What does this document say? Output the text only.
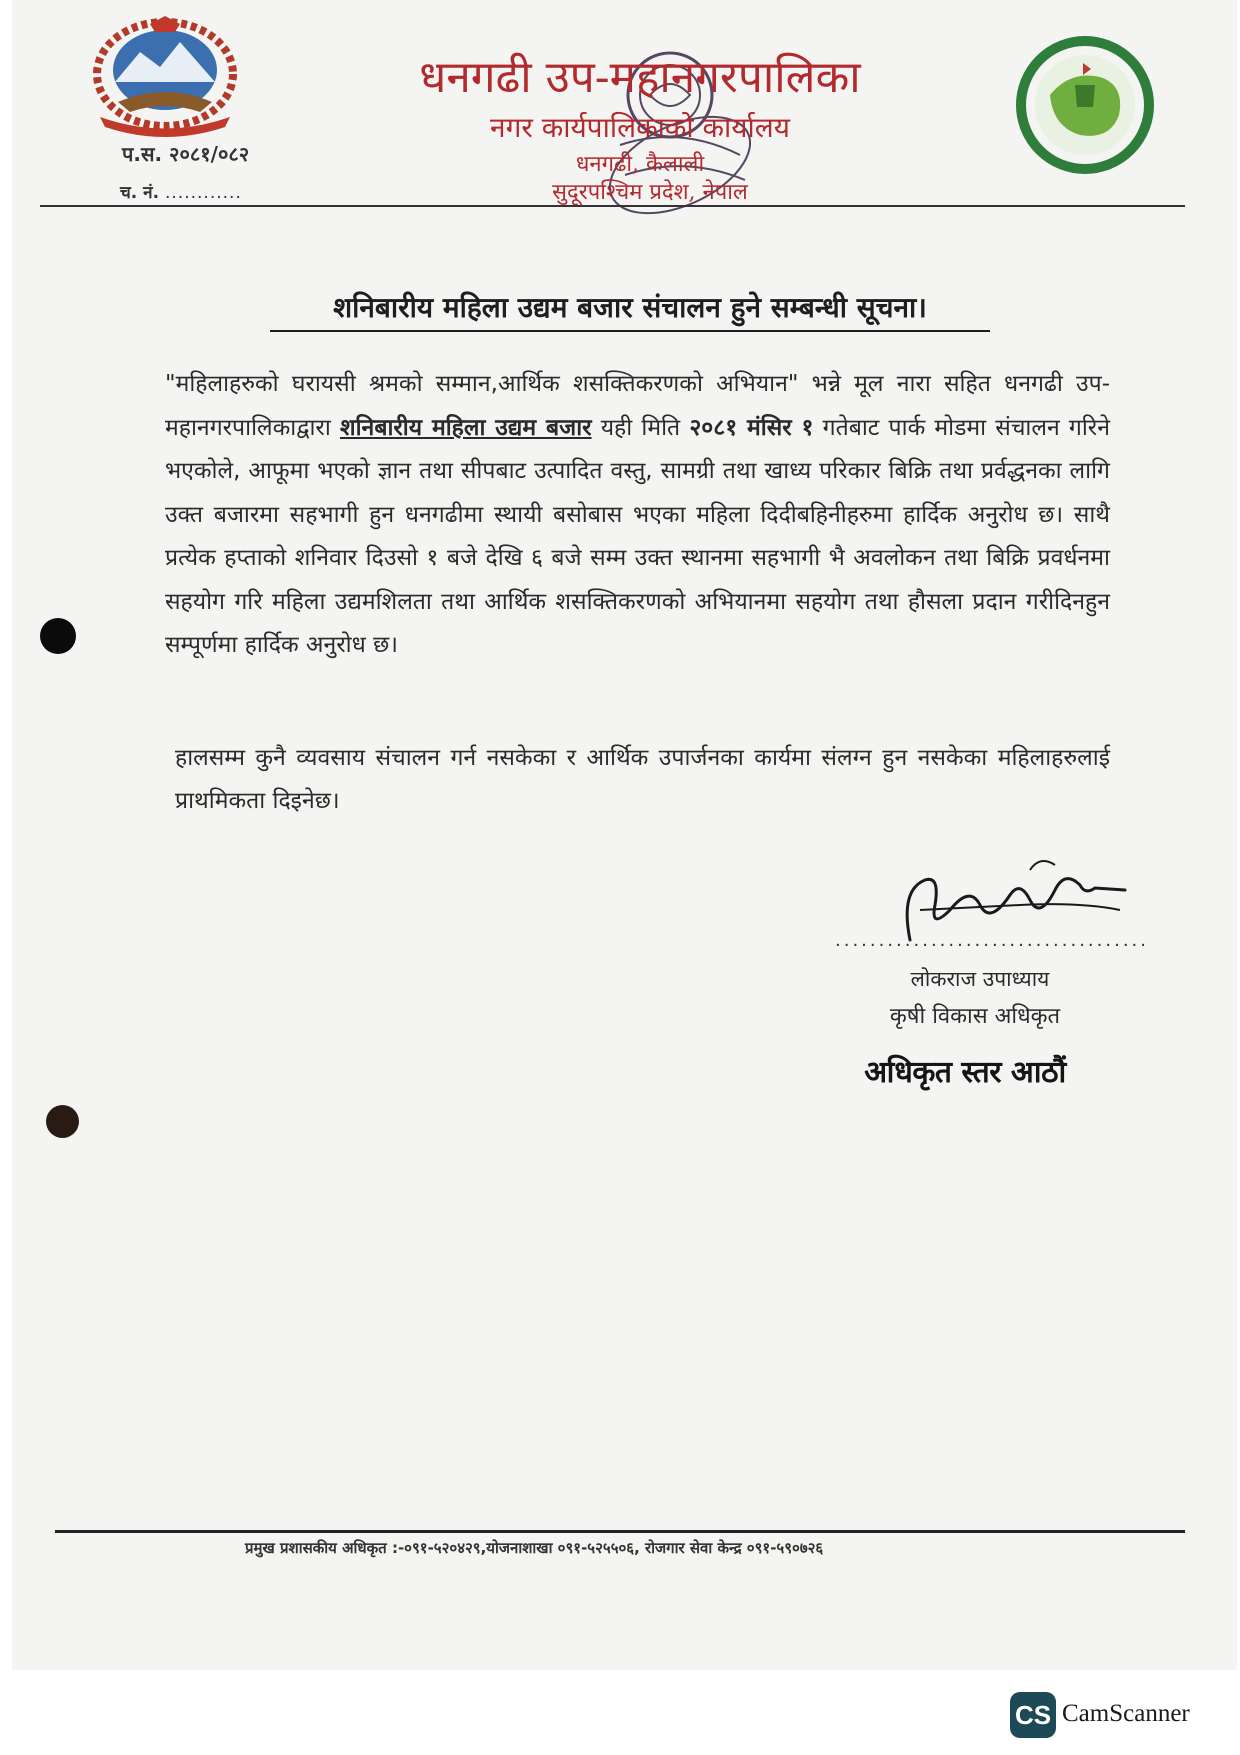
धनगढी उप-महानगरपालिका
नगर कार्यपालिकाको कार्यालय
धनगढी, कैलाली
सुदूरपश्चिम प्रदेश, नेपाल
प.स. २०८१/०८२
च. नं. ............
शनिबारीय महिला उद्यम बजार संचालन हुने सम्बन्धी सूचना।
"महिलाहरुको घरायसी श्रमको सम्मान,आर्थिक शसक्तिकरणको अभियान" भन्ने मूल नारा सहित धनगढी उप-महानगरपालिकाद्वारा शनिबारीय महिला उद्यम बजार यही मिति २०८१ मंसिर १ गतेबाट पार्क मोडमा संचालन गरिने भएकोले, आफूमा भएको ज्ञान तथा सीपबाट उत्पादित वस्तु, सामग्री तथा खाध्य परिकार बिक्रि तथा प्रर्वद्धनका लागि उक्त बजारमा सहभागी हुन धनगढीमा स्थायी बसोबास भएका महिला दिदीबहिनीहरुमा हार्दिक अनुरोध छ। साथै प्रत्येक हप्ताको शनिवार दिउसो १ बजे देखि ६ बजे सम्म उक्त स्थानमा सहभागी भै अवलोकन तथा बिक्रि प्रवर्धनमा सहयोग गरि महिला उद्यमशिलता तथा आर्थिक शसक्तिकरणको अभियानमा सहयोग तथा हौसला प्रदान गरीदिनहुन सम्पूर्णमा हार्दिक अनुरोध छ।
हालसम्म कुनै व्यवसाय संचालन गर्न नसकेका र आर्थिक उपार्जनका कार्यमा संलग्न हुन नसकेका महिलाहरुलाई प्राथमिकता दिइनेछ।
....................................
लोकराज उपाध्याय
कृषी विकास अधिकृत
अधिकृत स्तर आठौं
प्रमुख प्रशासकीय अधिकृत :-०९१-५२०४२९,योजनाशाखा ०९१-५२५५०६, रोजगार सेवा केन्द्र ०९१-५९०७२६
CS CamScanner
